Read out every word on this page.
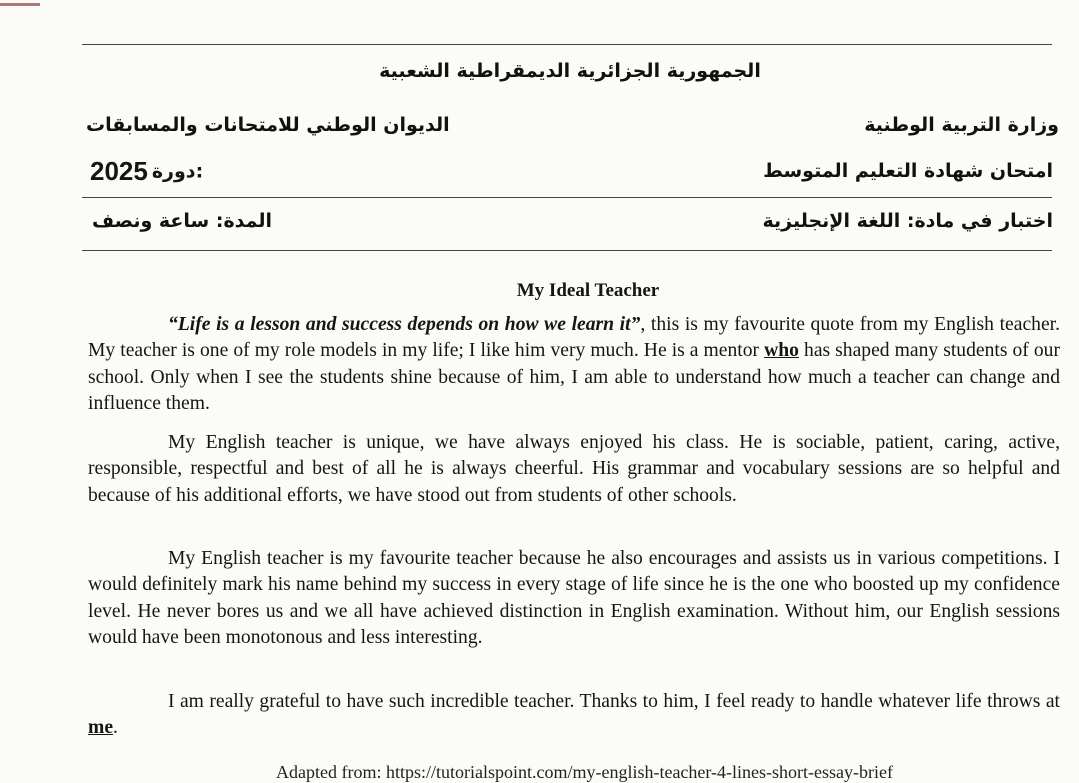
الجمهورية الجزائرية الديمقراطية الشعبية
وزارة التربية الوطنية
الديوان الوطني للامتحانات والمسابقات
امتحان شهادة التعليم المتوسط
2025 دورة:
اختبار في مادة: اللغة الإنجليزية
المدة: ساعة ونصف
My Ideal Teacher
“Life is a lesson and success depends on how we learn it”, this is my favourite quote from my English teacher. My teacher is one of my role models in my life; I like him very much. He is a mentor who has shaped many students of our school. Only when I see the students shine because of him, I am able to understand how much a teacher can change and influence them.
My English teacher is unique, we have always enjoyed his class. He is sociable, patient, caring, active, responsible, respectful and best of all he is always cheerful. His grammar and vocabulary sessions are so helpful and because of his additional efforts, we have stood out from students of other schools.
My English teacher is my favourite teacher because he also encourages and assists us in various competitions. I would definitely mark his name behind my success in every stage of life since he is the one who boosted up my confidence level. He never bores us and we all have achieved distinction in English examination. Without him, our English sessions would have been monotonous and less interesting.
I am really grateful to have such incredible teacher. Thanks to him, I feel ready to handle whatever life throws at me.
Adapted from: https://tutorialspoint.com/my-english-teacher-4-lines-short-essay-brief
